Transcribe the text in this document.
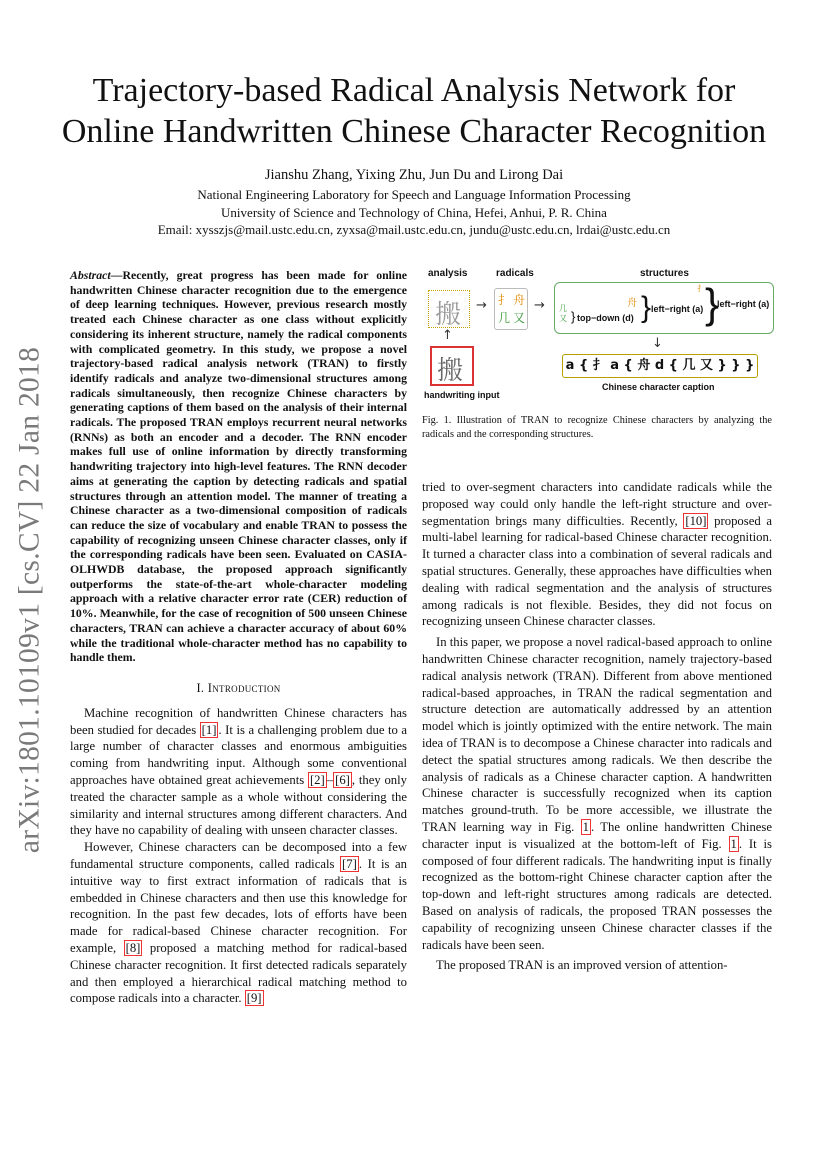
arXiv:1801.10109v1 [cs.CV] 22 Jan 2018
Trajectory-based Radical Analysis Network for
Online Handwritten Chinese Character Recognition
Jianshu Zhang, Yixing Zhu, Jun Du and Lirong Dai
National Engineering Laboratory for Speech and Language Information Processing
University of Science and Technology of China, Hefei, Anhui, P. R. China
Email: xysszjs@mail.ustc.edu.cn, zyxsa@mail.ustc.edu.cn, jundu@ustc.edu.cn, lrdai@ustc.edu.cn

Abstract—Recently, great progress has been made for online handwritten Chinese character recognition due to the emergence of deep learning techniques. However, previous research mostly treated each Chinese character as one class without explicitly considering its inherent structure, namely the radical components with complicated geometry. In this study, we propose a novel trajectory-based radical analysis network (TRAN) to firstly identify radicals and analyze two-dimensional structures among radicals simultaneously, then recognize Chinese characters by generating captions of them based on the analysis of their internal radicals. The proposed TRAN employs recurrent neural networks (RNNs) as both an encoder and a decoder. The RNN encoder makes full use of online information by directly transforming handwriting trajectory into high-level features. The RNN decoder aims at generating the caption by detecting radicals and spatial structures through an attention model. The manner of treating a Chinese character as a two-dimensional composition of radicals can reduce the size of vocabulary and enable TRAN to possess the capability of recognizing unseen Chinese character classes, only if the corresponding radicals have been seen. Evaluated on CASIA-OLHWDB database, the proposed approach significantly outperforms the state-of-the-art whole-character modeling approach with a relative character error rate (CER) reduction of 10%. Meanwhile, for the case of recognition of 500 unseen Chinese characters, TRAN can achieve a character accuracy of about 60% while the traditional whole-character method has no capability to handle them.

I. Introduction

Machine recognition of handwritten Chinese characters has been studied for decades [1] . It is a challenging problem due to a large number of character classes and enormous ambiguities coming from handwriting input. Although some conventional approaches have obtained great achievements [2] – [6] , they only treated the character sample as a whole without considering the similarity and internal structures among different characters. And they have no capability of dealing with unseen character classes.

However, Chinese characters can be decomposed into a few fundamental structure components, called radicals [7] . It is an intuitive way to first extract information of radicals that is embedded in Chinese characters and then use this knowledge for recognition. In the past few decades, lots of efforts have been made for radical-based Chinese character recognition. For example, [8] proposed a matching method for radical-based Chinese character recognition. It first detected radicals separately and then employed a hierarchical radical matching method to compose radicals into a character. [9]

analysis	radicals	structures
搬 → 扌 舟
几 又
→ 几
又 } top−down (d)
舟 } left−right (a)
扌 }
left−right (a)
↓
↑
搬
handwriting input
a { 扌 a { 舟 d { 几 又 } } }
Chinese character caption
Fig. 1. Illustration of TRAN to recognize Chinese characters by analyzing the radicals and the corresponding structures.

tried to over-segment characters into candidate radicals while the proposed way could only handle the left-right structure and over-segmentation brings many difficulties. Recently, [10] proposed a multi-label learning for radical-based Chinese character recognition. It turned a character class into a combination of several radicals and spatial structures. Generally, these approaches have difficulties when dealing with radical segmentation and the analysis of structures among radicals is not flexible. Besides, they did not focus on recognizing unseen Chinese character classes.

In this paper, we propose a novel radical-based approach to online handwritten Chinese character recognition, namely trajectory-based radical analysis network (TRAN). Different from above mentioned radical-based approaches, in TRAN the radical segmentation and structure detection are automatically addressed by an attention model which is jointly optimized with the entire network. The main idea of TRAN is to decompose a Chinese character into radicals and detect the spatial structures among radicals. We then describe the analysis of radicals as a Chinese character caption. A handwritten Chinese character is successfully recognized when its caption matches ground-truth. To be more accessible, we illustrate the TRAN learning way in Fig. 1 . The online handwritten Chinese character input is visualized at the bottom-left of Fig. 1 . It is composed of four different radicals. The handwriting input is finally recognized as the bottom-right Chinese character caption after the top-down and left-right structures among radicals are detected. Based on analysis of radicals, the proposed TRAN possesses the capability of recognizing unseen Chinese character classes if the radicals have been seen.

The proposed TRAN is an improved version of attention-
